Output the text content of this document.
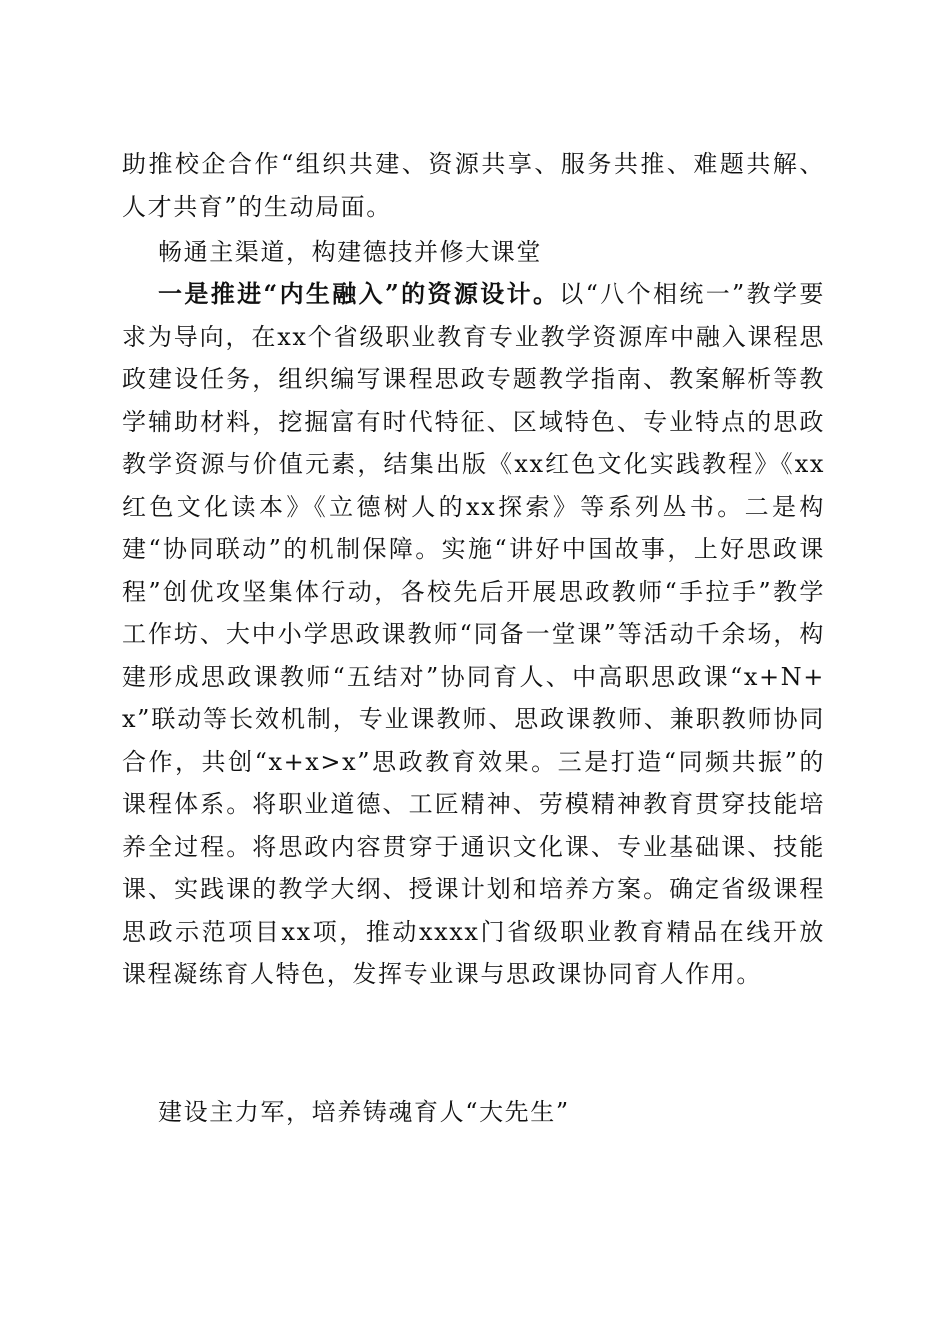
助推校企合作“组织共建、资源共享、服务共推、难题共解、人才共育”的生动局面。

畅通主渠道，构建德技并修大课堂

一是推进“内生融入”的资源设计。以“八个相统一”教学要求为导向，在xx个省级职业教育专业教学资源库中融入课程思政建设任务，组织编写课程思政专题教学指南、教案解析等教学辅助材料，挖掘富有时代特征、区域特色、专业特点的思政教学资源与价值元素，结集出版《xx红色文化实践教程》《xx红色文化读本》《立德树人的xx探索》等系列丛书。二是构建“协同联动”的机制保障。实施“讲好中国故事，上好思政课程”创优攻坚集体行动，各校先后开展思政教师“手拉手”教学工作坊、大中小学思政课教师“同备一堂课”等活动千余场，构建形成思政课教师“五结对”协同育人、中高职思政课“x+N+x”联动等长效机制，专业课教师、思政课教师、兼职教师协同合作，共创“x+x>x”思政教育效果。三是打造“同频共振”的课程体系。将职业道德、工匠精神、劳模精神教育贯穿技能培养全过程。将思政内容贯穿于通识文化课、专业基础课、技能课、实践课的教学大纲、授课计划和培养方案。确定省级课程思政示范项目xx项，推动xxxx门省级职业教育精品在线开放课程凝练育人特色，发挥专业课与思政课协同育人作用。

建设主力军，培养铸魂育人“大先生”
